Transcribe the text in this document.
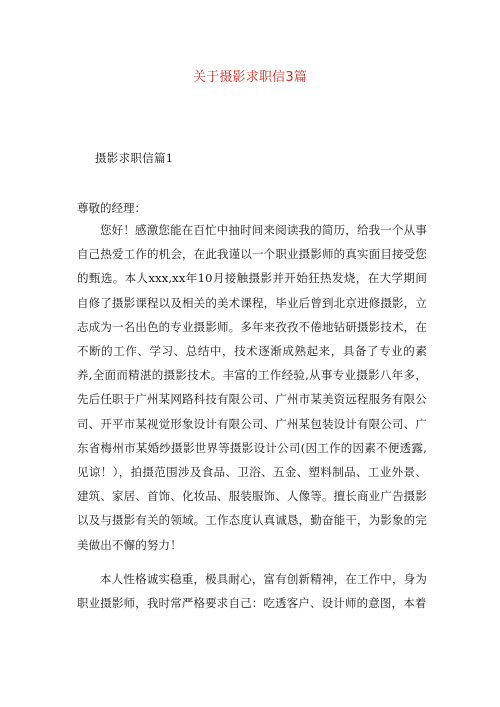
关于摄影求职信3篇
摄影求职信篇1
尊敬的经理：

您好！感激您能在百忙中抽时间来阅读我的简历，给我一个从事自己热爱工作的机会，在此我谨以一个职业摄影师的真实面目接受您的甄选。本人xxx,xx年10月接触摄影并开始狂热发烧，在大学期间自修了摄影课程以及相关的美术课程，毕业后曾到北京进修摄影，立志成为一名出色的专业摄影师。多年来孜孜不倦地钻研摄影技术，在不断的工作、学习、总结中，技术逐渐成熟起来，具备了专业的素养,全面而精湛的摄影技术。丰富的工作经验,从事专业摄影八年多，先后任职于广州某网路科技有限公司、广州市某美资远程服务有限公司、开平市某视觉形象设计有限公司、广州某包装设计有限公司、广东省梅州市某婚纱摄影世界等摄影设计公司(因工作的因素不便透露,见谅！），拍摄范围涉及食品、卫浴、五金、塑料制品、工业外景、建筑、家居、首饰、化妆品、服装服饰、人像等。擅长商业广告摄影以及与摄影有关的领域。工作态度认真诚恳，勤奋能干，为影象的完美做出不懈的努力！

本人性格诚实稳重，极具耐心，富有创新精神，在工作中，身为职业摄影师，我时常严格要求自己：吃透客户、设计师的意图，本着
